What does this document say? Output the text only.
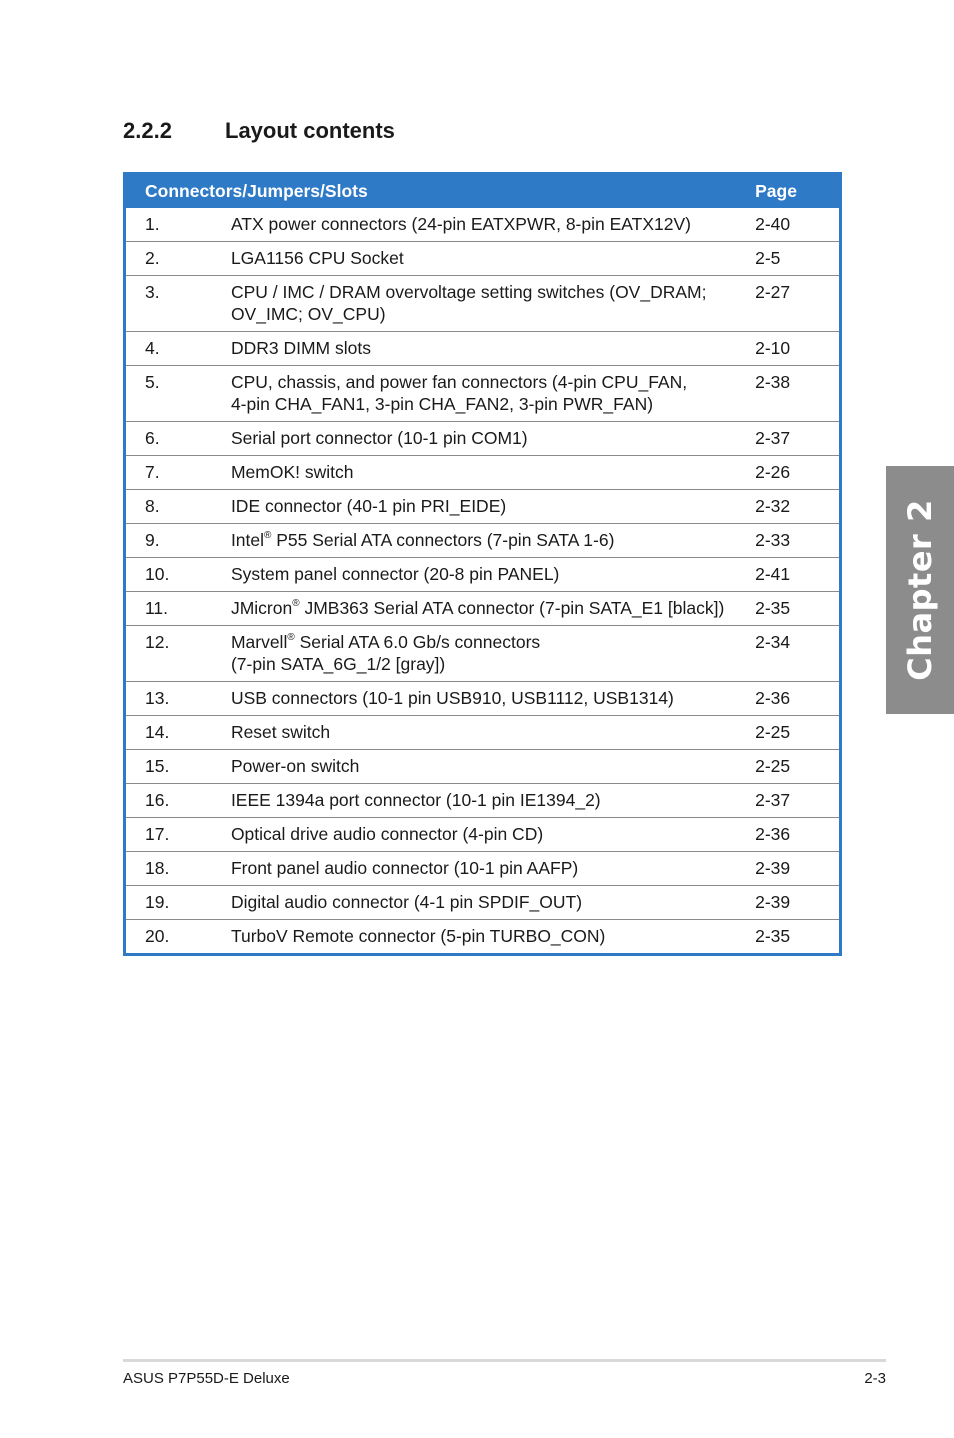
2.2.2 Layout contents
Connectors/Jumpers/Slots		Page
1.	ATX power connectors (24-pin EATXPWR, 8-pin EATX12V)	2-40
2.	LGA1156 CPU Socket	2-5
3.	CPU / IMC / DRAM overvoltage setting switches (OV_DRAM;
OV_IMC; OV_CPU)	2-27
4.	DDR3 DIMM slots	2-10
5.	CPU, chassis, and power fan connectors (4-pin CPU_FAN,
4-pin CHA_FAN1, 3-pin CHA_FAN2, 3-pin PWR_FAN)	2-38
6.	Serial port connector (10-1 pin COM1)	2-37
7.	MemOK! switch	2-26
8.	IDE connector (40-1 pin PRI_EIDE)	2-32
9.	Intel® P55 Serial ATA connectors (7-pin SATA 1-6)	2-33
10.	System panel connector (20-8 pin PANEL)	2-41
11.	JMicron® JMB363 Serial ATA connector (7-pin SATA_E1 [black])	2-35
12.	Marvell® Serial ATA 6.0 Gb/s connectors
(7-pin SATA_6G_1/2 [gray])	2-34
13.	USB connectors (10-1 pin USB910, USB1112, USB1314)	2-36
14.	Reset switch	2-25
15.	Power-on switch	2-25
16.	IEEE 1394a port connector (10-1 pin IE1394_2)	2-37
17.	Optical drive audio connector (4-pin CD)	2-36
18.	Front panel audio connector (10-1 pin AAFP)	2-39
19.	Digital audio connector (4-1 pin SPDIF_OUT)	2-39
20.	TurboV Remote connector (5-pin TURBO_CON)	2-35
Chapter 2
ASUS P7P55D-E Deluxe	2-3
